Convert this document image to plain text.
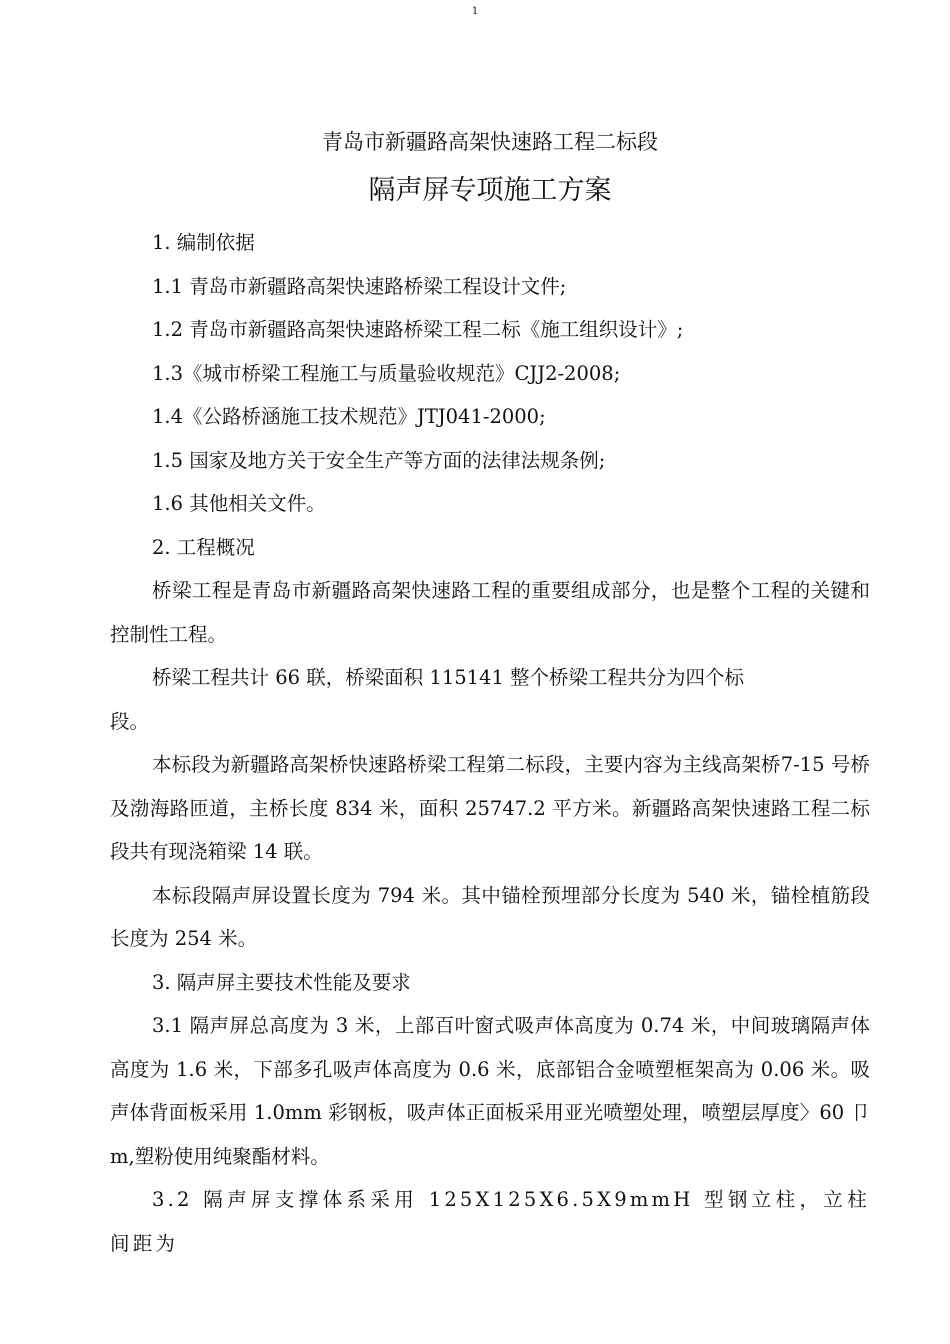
1
青岛市新疆路高架快速路工程二标段
隔声屏专项施工方案

1. 编制依据

1.1 青岛市新疆路高架快速路桥梁工程设计文件;

1.2 青岛市新疆路高架快速路桥梁工程二标《施工组织设计》;

1.3《城市桥梁工程施工与质量验收规范》CJJ2-2008;

1.4《公路桥涵施工技术规范》JTJ041-2000;

1.5 国家及地方关于安全生产等方面的法律法规条例;

1.6 其他相关文件。

2. 工程概况

桥梁工程是青岛市新疆路高架快速路工程的重要组成部分，也是整个工程的关键和控制性工程。

桥梁工程共计 66 联，桥梁面积 115141 整个桥梁工程共分为四个标
段。

本标段为新疆路高架桥快速路桥梁工程第二标段，主要内容为主线高架桥7-15 号桥及渤海路匝道，主桥长度 834 米，面积 25747.2 平方米。新疆路高架快速路工程二标段共有现浇箱梁 14 联。

本标段隔声屏设置长度为 794 米。其中锚栓预埋部分长度为 540 米，锚栓植筋段长度为 254 米。

3. 隔声屏主要技术性能及要求

3.1 隔声屏总高度为 3 米，上部百叶窗式吸声体高度为 0.74 米，中间玻璃隔声体高度为 1.6 米，下部多孔吸声体高度为 0.6 米，底部铝合金喷塑框架高为 0.06 米。吸声体背面板采用 1.0mm 彩钢板，吸声体正面板采用亚光喷塑处理，喷塑层厚度〉60 卩m,塑粉使用纯聚酯材料。

3.2 隔声屏支撑体系采用 125X125X6.5X9mmH 型钢立柱，立柱间距为
